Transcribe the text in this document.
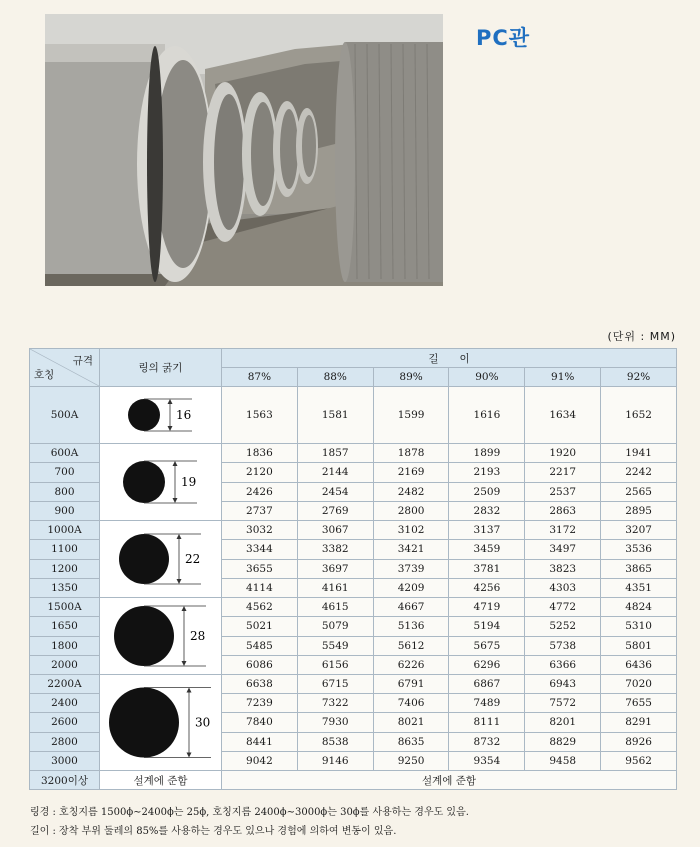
PC관
(단위 : MM)
규격
호칭	링의 굵기	길　　이					
		87%	88%	89%	90%	91%	92%
500A	16	1563	1581	1599	1616	1634	1652
600A	19	1836	1857	1878	1899	1920	1941
700		2120	2144	2169	2193	2217	2242
800		2426	2454	2482	2509	2537	2565
900		2737	2769	2800	2832	2863	2895
1000A	22	3032	3067	3102	3137	3172	3207
1100		3344	3382	3421	3459	3497	3536
1200		3655	3697	3739	3781	3823	3865
1350		4114	4161	4209	4256	4303	4351
1500A	28	4562	4615	4667	4719	4772	4824
1650		5021	5079	5136	5194	5252	5310
1800		5485	5549	5612	5675	5738	5801
2000		6086	6156	6226	6296	6366	6436
2200A	30	6638	6715	6791	6867	6943	7020
2400		7239	7322	7406	7489	7572	7655
2600		7840	7930	8021	8111	8201	8291
2800		8441	8538	8635	8732	8829	8926
3000		9042	9146	9250	9354	9458	9562
3200이상	설계에 준함	설계에 준함					
링경 : 호칭지름 1500ϕ∼2400ϕ는 25ϕ, 호칭지름 2400ϕ∼3000ϕ는 30ϕ를 사용하는 경우도 있음.
길이 : 장착 부위 둘레의 85%를 사용하는 경우도 있으나 경험에 의하여 변동이 있음.
